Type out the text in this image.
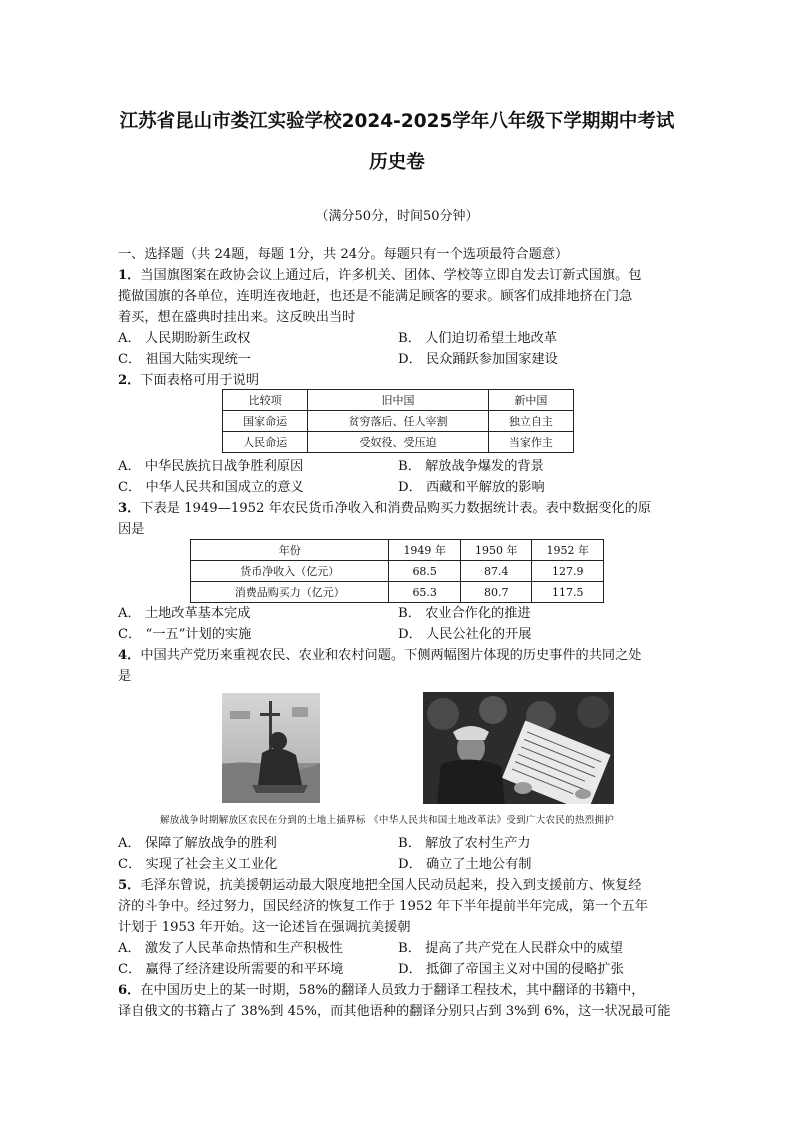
江苏省昆山市娄江实验学校2024-2025学年八年级下学期期中考试
历史卷
（满分50分，时间50分钟）
一、选择题（共 24题，每题 1分，共 24分。每题只有一个选项最符合题意）
1．当国旗图案在政协会议上通过后，许多机关、团体、学校等立即自发去订新式国旗。包
揽做国旗的各单位，连明连夜地赶，也还是不能满足顾客的要求。顾客们成排地挤在门急
着买，想在盛典时挂出来。这反映出当时
A． 人民期盼新生政权	B． 人们迫切希望土地改革
C． 祖国大陆实现统一	D． 民众踊跃参加国家建设
2．下面表格可用于说明
比较项	旧中国	新中国
国家命运	贫穷落后、任人宰割	独立自主
人民命运	受奴役、受压迫	当家作主
A． 中华民族抗日战争胜利原因	B． 解放战争爆发的背景
C． 中华人民共和国成立的意义	D． 西藏和平解放的影响
3．下表是 1949—1952 年农民货币净收入和消费品购买力数据统计表。表中数据变化的原
因是
年份	1949 年	1950 年	1952 年
货币净收入（亿元）	68.5	87.4	127.9
消费品购买力（亿元）	65.3	80.7	117.5
A． 土地改革基本完成	B． 农业合作化的推进
C． “一五”计划的实施	D． 人民公社化的开展
4．中国共产党历来重视农民、农业和农村问题。下侧两幅图片体现的历史事件的共同之处
是
解放战争时期解放区农民在分到的土地上插界标 《中华人民共和国土地改革法》受到广大农民的热烈拥护
A． 保障了解放战争的胜利	B． 解放了农村生产力
C． 实现了社会主义工业化	D． 确立了土地公有制
5．毛泽东曾说，抗美援朝运动最大限度地把全国人民动员起来，投入到支援前方、恢复经
济的斗争中。经过努力，国民经济的恢复工作于 1952 年下半年提前半年完成，第一个五年
计划于 1953 年开始。这一论述旨在强调抗美援朝
A． 激发了人民革命热情和生产积极性	B． 提高了共产党在人民群众中的威望
C． 赢得了经济建设所需要的和平环境	D． 抵御了帝国主义对中国的侵略扩张
6．在中国历史上的某一时期，58%的翻译人员致力于翻译工程技术，其中翻译的书籍中，
译自俄文的书籍占了 38%到 45%，而其他语种的翻译分别只占到 3%到 6%，这一状况最可能
